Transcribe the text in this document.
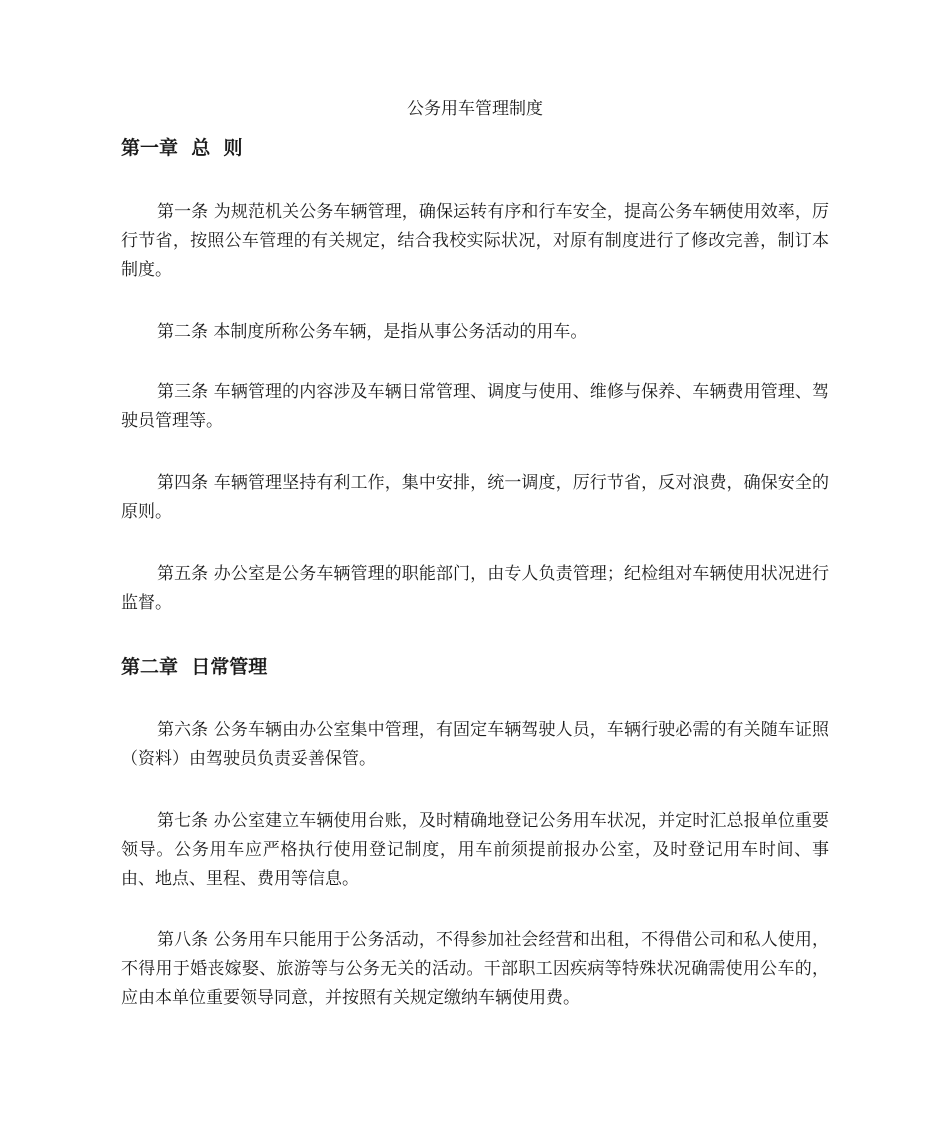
公务用车管理制度
第一章  总  则

第一条 为规范机关公务车辆管理，确保运转有序和行车安全，提高公务车辆使用效率，厉行节省，按照公车管理的有关规定，结合我校实际状况，对原有制度进行了修改完善，制订本制度。

第二条 本制度所称公务车辆，是指从事公务活动的用车。

第三条 车辆管理的内容涉及车辆日常管理、调度与使用、维修与保养、车辆费用管理、驾驶员管理等。

第四条 车辆管理坚持有利工作，集中安排，统一调度，厉行节省，反对浪费，确保安全的原则。

第五条 办公室是公务车辆管理的职能部门，由专人负责管理；纪检组对车辆使用状况进行监督。

第二章  日常管理

第六条 公务车辆由办公室集中管理，有固定车辆驾驶人员，车辆行驶必需的有关随车证照（资料）由驾驶员负责妥善保管。

第七条 办公室建立车辆使用台账，及时精确地登记公务用车状况，并定时汇总报单位重要领导。公务用车应严格执行使用登记制度，用车前须提前报办公室，及时登记用车时间、事由、地点、里程、费用等信息。

第八条 公务用车只能用于公务活动，不得参加社会经营和出租，不得借公司和私人使用，不得用于婚丧嫁娶、旅游等与公务无关的活动。干部职工因疾病等特殊状况确需使用公车的，应由本单位重要领导同意，并按照有关规定缴纳车辆使用费。
